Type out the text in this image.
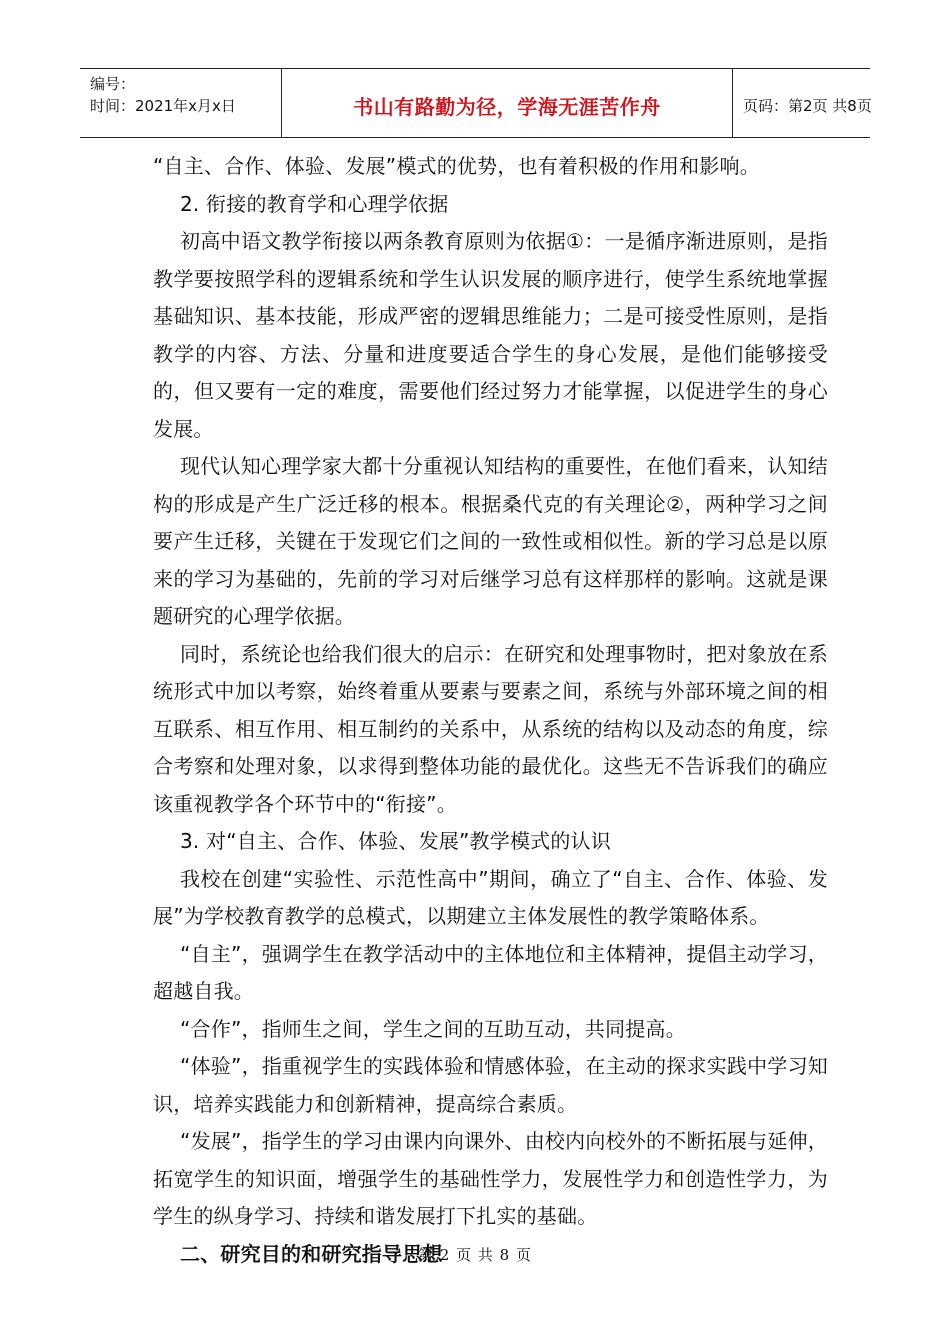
编号：
时间：2021年x月x日	书山有路勤为径，学海无涯苦作舟	页码：第2页 共8页

“自主、合作、体验、发展”模式的优势，也有着积极的作用和影响。

2. 衔接的教育学和心理学依据

初高中语文教学衔接以两条教育原则为依据①：一是循序渐进原则，是指教学要按照学科的逻辑系统和学生认识发展的顺序进行，使学生系统地掌握基础知识、基本技能，形成严密的逻辑思维能力；二是可接受性原则，是指教学的内容、方法、分量和进度要适合学生的身心发展，是他们能够接受的，但又要有一定的难度，需要他们经过努力才能掌握，以促进学生的身心发展。

现代认知心理学家大都十分重视认知结构的重要性，在他们看来，认知结构的形成是产生广泛迁移的根本。根据桑代克的有关理论②，两种学习之间要产生迁移，关键在于发现它们之间的一致性或相似性。新的学习总是以原来的学习为基础的，先前的学习对后继学习总有这样那样的影响。这就是课题研究的心理学依据。

同时，系统论也给我们很大的启示：在研究和处理事物时，把对象放在系统形式中加以考察，始终着重从要素与要素之间，系统与外部环境之间的相互联系、相互作用、相互制约的关系中，从系统的结构以及动态的角度，综合考察和处理对象，以求得到整体功能的最优化。这些无不告诉我们的确应该重视教学各个环节中的“衔接”。

3. 对“自主、合作、体验、发展”教学模式的认识

我校在创建“实验性、示范性高中”期间，确立了“自主、合作、体验、发展”为学校教育教学的总模式，以期建立主体发展性的教学策略体系。

“自主”，强调学生在教学活动中的主体地位和主体精神，提倡主动学习，超越自我。

“合作”，指师生之间，学生之间的互助互动，共同提高。

“体验”，指重视学生的实践体验和情感体验，在主动的探求实践中学习知识，培养实践能力和创新精神，提高综合素质。

“发展”，指学生的学习由课内向课外、由校内向校外的不断拓展与延伸，拓宽学生的知识面，增强学生的基础性学力，发展性学力和创造性学力，为学生的纵身学习、持续和谐发展打下扎实的基础。

二、研究目的和研究指导思想

第 2 页 共 8 页
